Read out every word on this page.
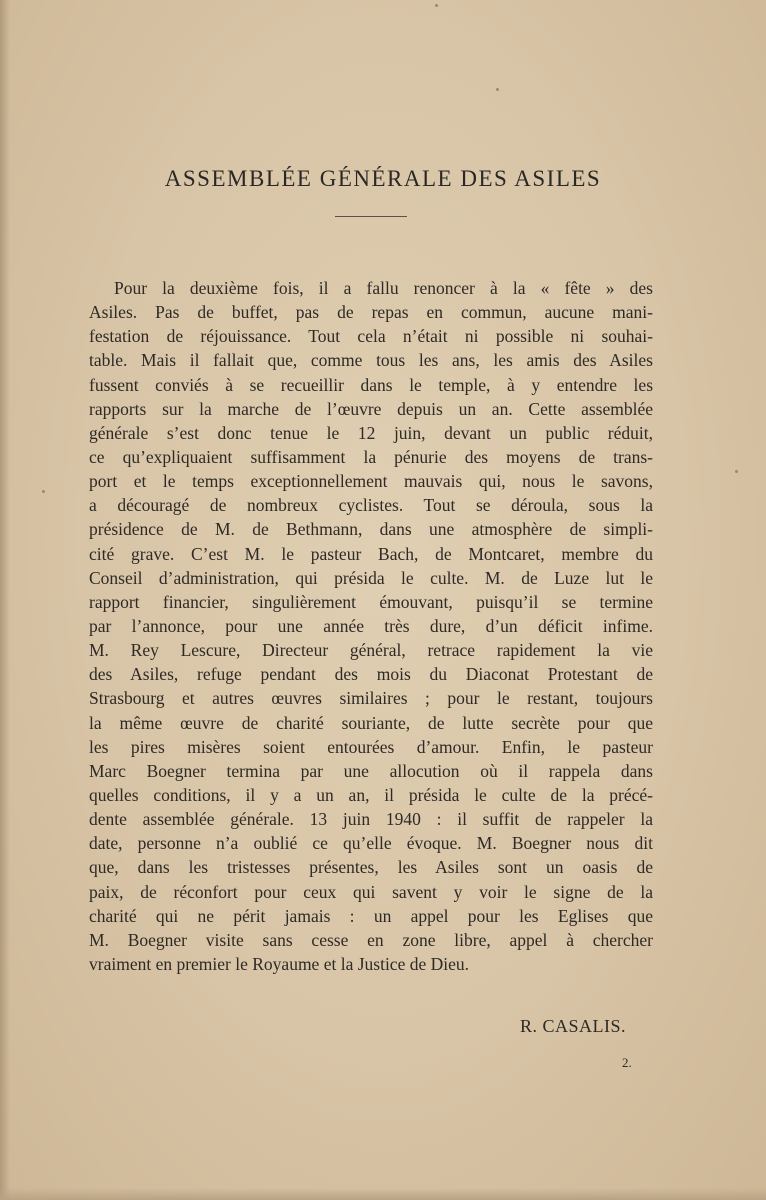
ASSEMBLÉE GÉNÉRALE DES ASILES
Pour la deuxième fois, il a fallu renoncer à la « fête » des
Asiles. Pas de buffet, pas de repas en commun, aucune mani-
festation de réjouissance. Tout cela n’était ni possible ni souhai-
table. Mais il fallait que, comme tous les ans, les amis des Asiles
fussent conviés à se recueillir dans le temple, à y entendre les
rapports sur la marche de l’œuvre depuis un an. Cette assemblée
générale s’est donc tenue le 12 juin, devant un public réduit,
ce qu’expliquaient suffisamment la pénurie des moyens de trans-
port et le temps exceptionnellement mauvais qui, nous le savons,
a découragé de nombreux cyclistes. Tout se déroula, sous la
présidence de M. de Bethmann, dans une atmosphère de simpli-
cité grave. C’est M. le pasteur Bach, de Montcaret, membre du
Conseil d’administration, qui présida le culte. M. de Luze lut le
rapport financier, singulièrement émouvant, puisqu’il se termine
par l’annonce, pour une année très dure, d’un déficit infime.
M. Rey Lescure, Directeur général, retrace rapidement la vie
des Asiles, refuge pendant des mois du Diaconat Protestant de
Strasbourg et autres œuvres similaires ; pour le restant, toujours
la même œuvre de charité souriante, de lutte secrète pour que
les pires misères soient entourées d’amour. Enfin, le pasteur
Marc Boegner termina par une allocution où il rappela dans
quelles conditions, il y a un an, il présida le culte de la précé-
dente assemblée générale. 13 juin 1940 : il suffit de rappeler la
date, personne n’a oublié ce qu’elle évoque. M. Boegner nous dit
que, dans les tristesses présentes, les Asiles sont un oasis de
paix, de réconfort pour ceux qui savent y voir le signe de la
charité qui ne périt jamais : un appel pour les Eglises que
M. Boegner visite sans cesse en zone libre, appel à chercher
vraiment en premier le Royaume et la Justice de Dieu.
R. CASALIS.
2.
